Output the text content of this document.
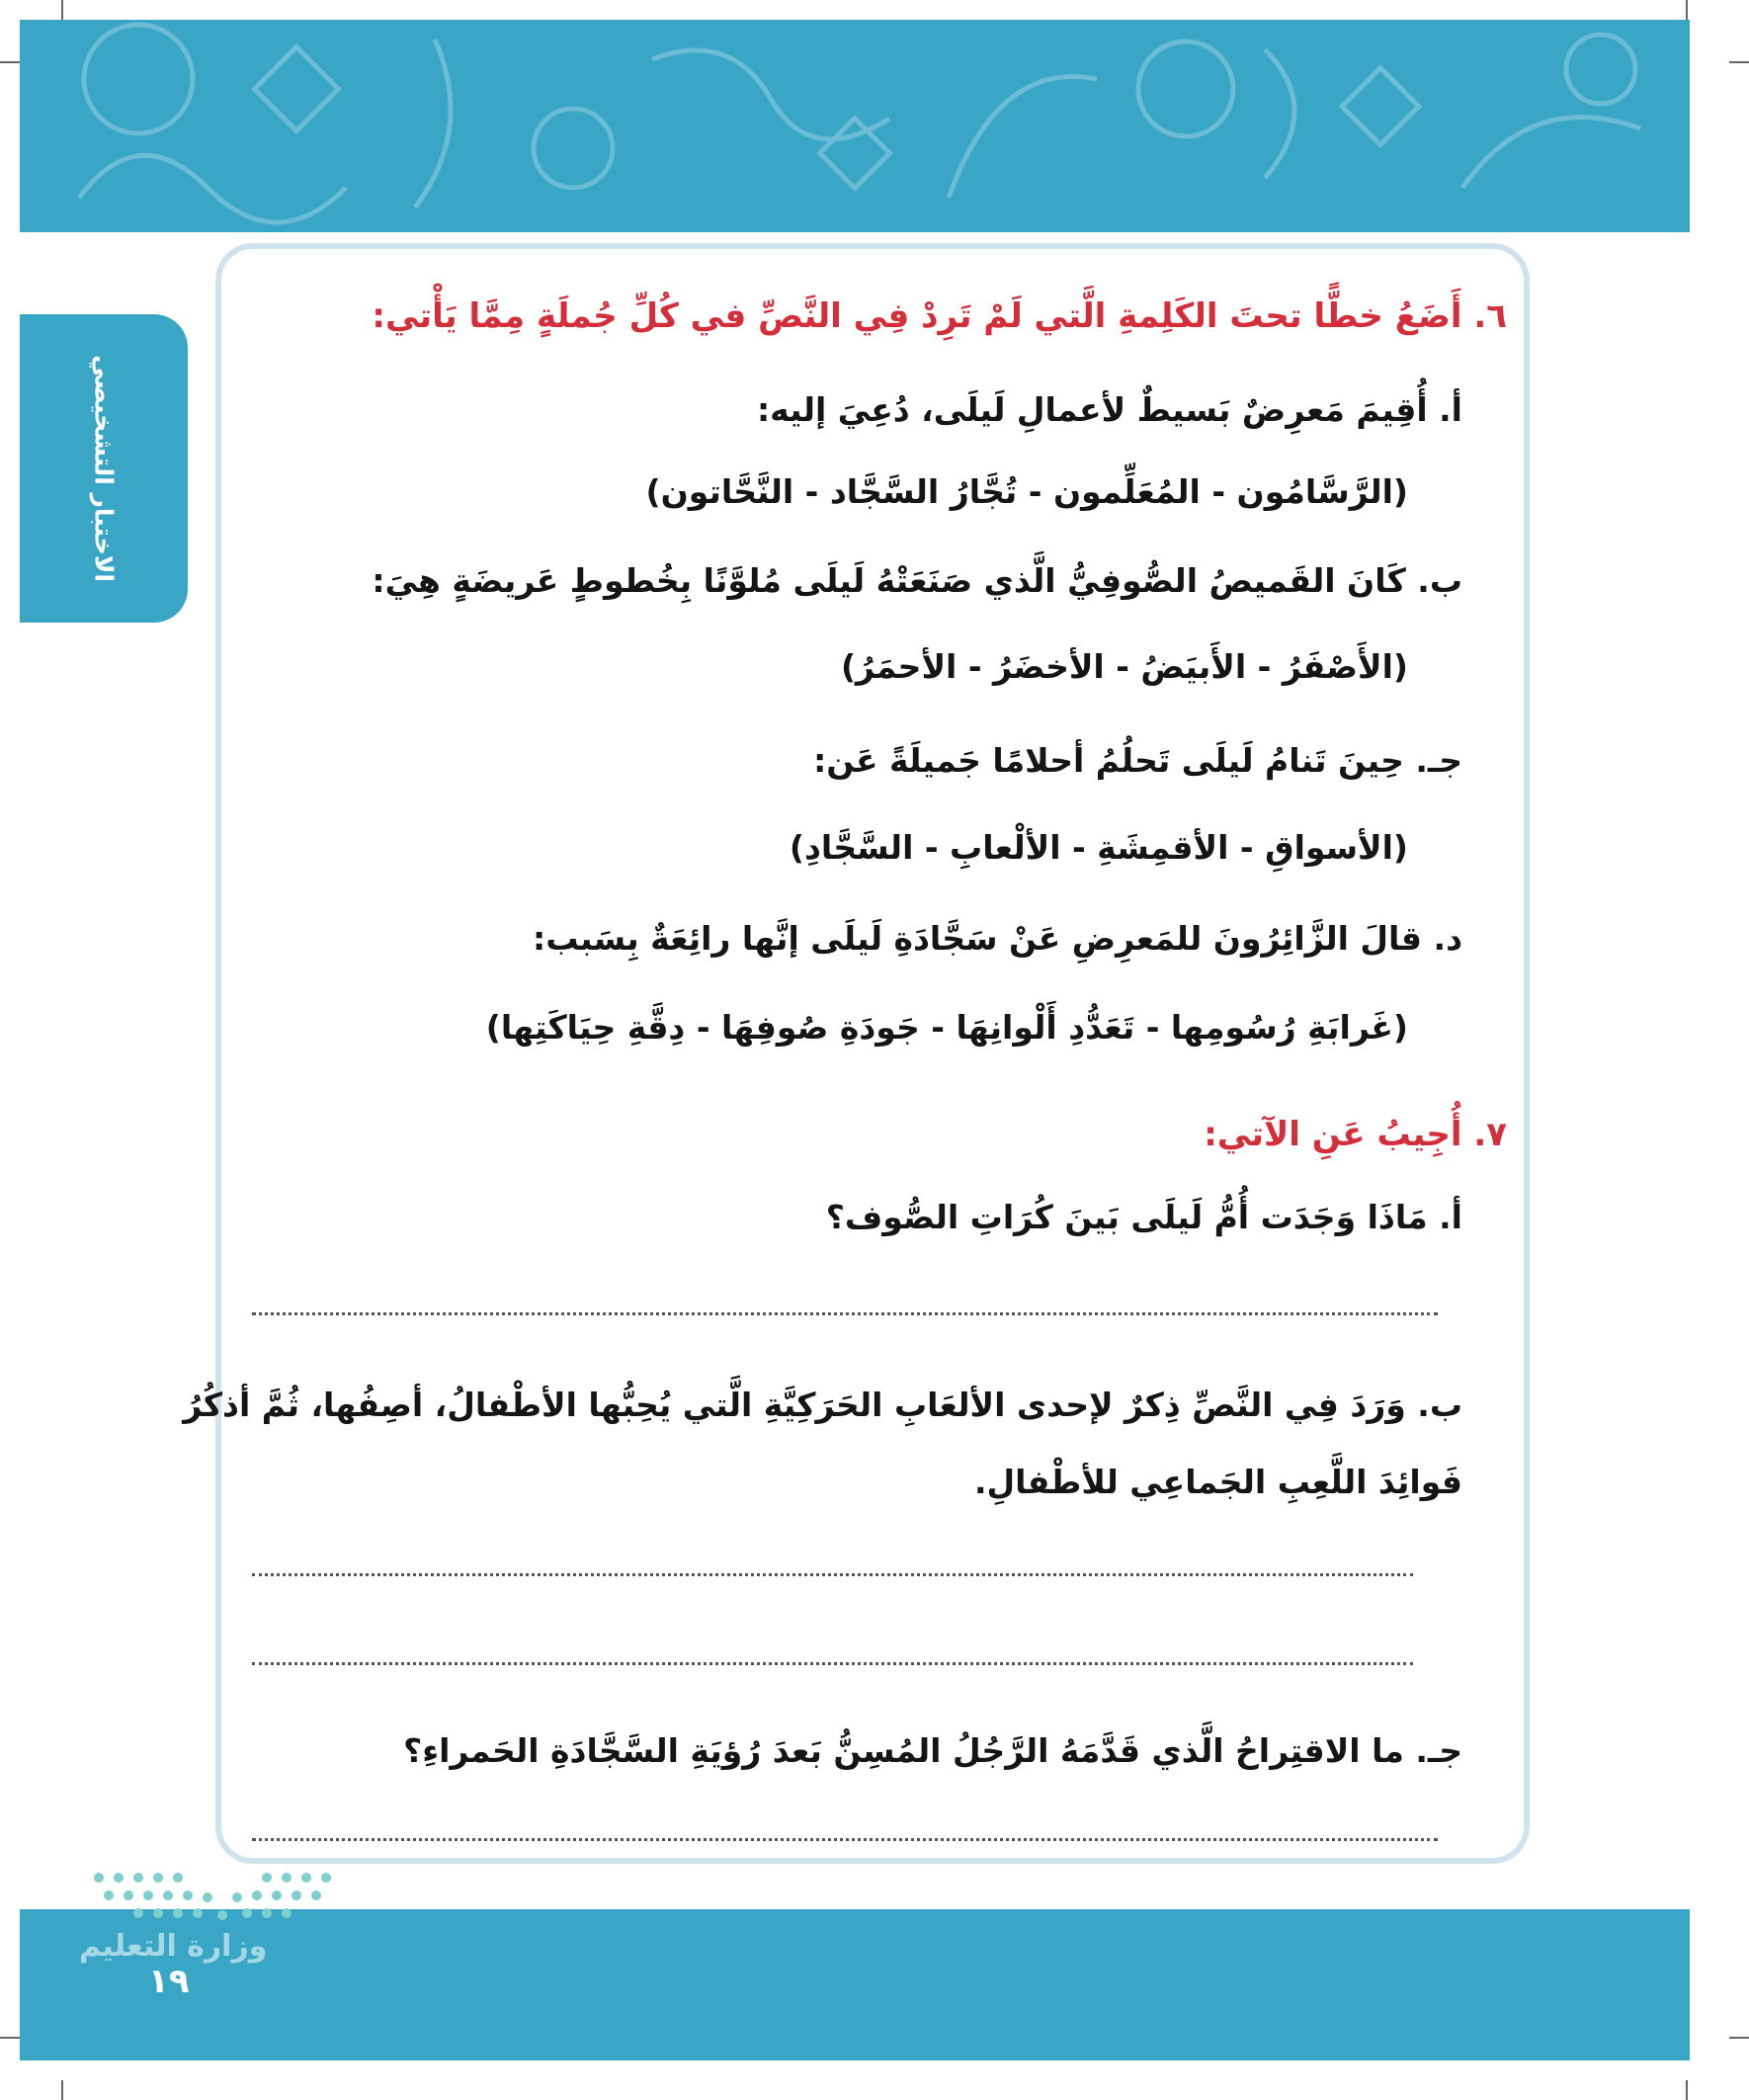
الاختبار التشخيصي
٦. أَضَعُ خطًّا تحتَ الكَلِمةِ الَّتي لَمْ تَرِدْ فِي النَّصِّ في كُلِّ جُملَةٍ مِمَّا يَأْتي:
أ. أُقِيمَ مَعرِضٌ بَسيطٌ لأعمالِ لَيلَى، دُعِيَ إليه:
(الرَّسَّامُون - المُعَلِّمون - تُجَّارُ السَّجَّاد - النَّحَّاتون)
ب. كَانَ القَميصُ الصُّوفِيُّ الَّذي صَنَعَتْهُ لَيلَى مُلوَّنًا بِخُطوطٍ عَريضَةٍ هِيَ:
(الأَصْفَرُ - الأَبيَضُ - الأخضَرُ - الأحمَرُ)
جـ. حِينَ تَنامُ لَيلَى تَحلُمُ أحلامًا جَميلَةً عَن:
(الأسواقِ - الأقمِشَةِ - الألْعابِ - السَّجَّادِ)
د. قالَ الزَّائِرُونَ للمَعرِضِ عَنْ سَجَّادَةِ لَيلَى إنَّها رائِعَةٌ بِسَبب:
(غَرابَةِ رُسُومِها - تَعَدُّدِ أَلْوانِهَا - جَودَةِ صُوفِهَا - دِقَّةِ حِيَاكَتِها)
٧. أُجِيبُ عَنِ الآتي:
أ. مَاذَا وَجَدَت أُمُّ لَيلَى بَينَ كُرَاتِ الصُّوف؟
ب. وَرَدَ فِي النَّصِّ ذِكرٌ لإحدى الألعَابِ الحَرَكِيَّةِ الَّتي يُحِبُّها الأطْفالُ، أصِفُها، ثُمَّ أذكُرُ
فَوائِدَ اللَّعِبِ الجَماعِي للأطْفالِ.
جـ. ما الاقتِراحُ الَّذي قَدَّمَهُ الرَّجُلُ المُسِنُّ بَعدَ رُؤيَةِ السَّجَّادَةِ الحَمراءِ؟
وزارة التعليم
١٩
